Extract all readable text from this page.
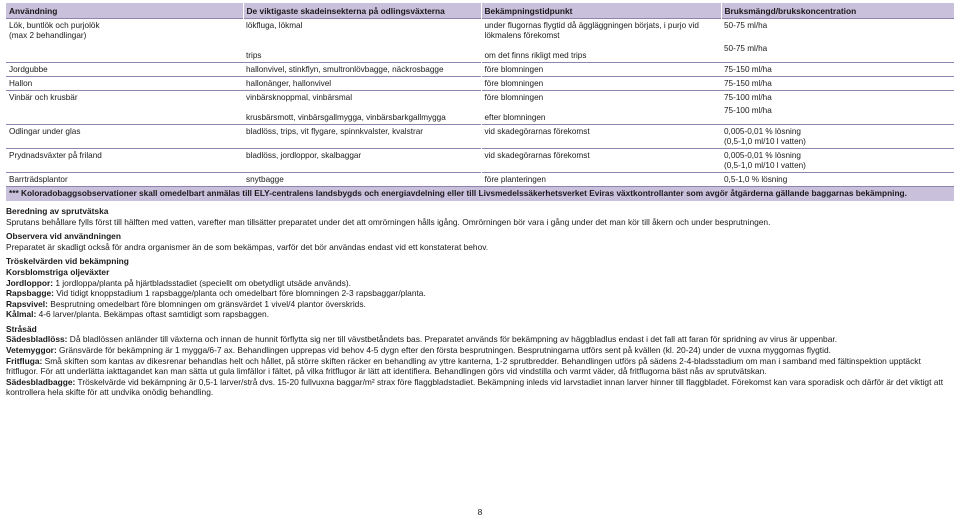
Användning	De viktigaste skadeinsekterna på odlingsväxterna	Bekämpningstidpunkt	Bruksmängd/brukskoncentration
Lök, buntlök och purjolök
(max 2 behandlingar)	lökfluga, lökmal	under flugornas flygtid då äggläggningen börjats, i purjo vid lökmalens förekomst	50-75 ml/ha
	trips	om det finns rikligt med trips	50-75 ml/ha
Jordgubbe	hallonvivel, stinkflyn, smultronlövbagge, näckrosbagge	före blomningen	75-150 ml/ha
Hallon	hallonänger, hallonvivel	före blomningen	75-150 ml/ha
Vinbär och krusbär	vinbärsknoppmal, vinbärsmal	före blomningen	75-100 ml/ha
	krusbärsmott, vinbärsgallmygga, vinbärsbarkgallmygga	efter blomningen	75-100 ml/ha
Odlingar under glas	bladlöss, trips, vit flygare, spinnkvalster, kvalstrar	vid skadegörarnas förekomst	0,005-0,01 % lösning
(0,5-1,0 ml/10 l vatten)
Prydnadsväxter på friland	bladlöss, jordloppor, skalbaggar	vid skadegörarnas förekomst	0,005-0,01 % lösning
(0,5-1,0 ml/10 l vatten)
Barrträdsplantor	snytbagge	före planteringen	0,5-1,0 % lösning
*** Koloradobaggsobservationer skall omedelbart anmälas till ELY-centralens landsbygds och energiavdelning eller till Livsmedelssäkerhetsverket Eviras växtkontrollanter som avgör åtgärderna gällande baggarnas bekämpning.

Beredning av sprutvätska

Sprutans behållare fylls först till hälften med vatten, varefter man tillsätter preparatet under det att omrörningen hålls igång. Omrörningen bör vara i gång under det man kör till åkern och under besprutningen.

Observera vid användningen

Preparatet är skadligt också för andra organismer än de som bekämpas, varför det bör användas endast vid ett konstaterat behov.

Tröskelvärden vid bekämpning

Korsblomstriga oljeväxter

Jordloppor: 1 jordloppa/planta på hjärtbladsstadiet (speciellt om obetydligt utsäde används).

Rapsbagge: Vid tidigt knoppstadium 1 rapsbagge/planta och omedelbart före blomningen 2-3 rapsbaggar/planta.

Rapsvivel: Besprutning omedelbart före blomningen om gränsvärdet 1 vivel/4 plantor överskrids.

Kålmal: 4-6 larver/planta. Bekämpas oftast samtidigt som rapsbaggen.

Stråsäd

Sädesbladlöss: Då bladlössen anländer till växterna och innan de hunnit förflytta sig ner till vävstbetåndets bas. Preparatet används för bekämpning av häggbladlus endast i det fall att faran för spridning av virus är uppenbar.

Vetemyggor: Gränsvärde för bekämpning är 1 mygga/6-7 ax. Behandlingen upprepas vid behov 4-5 dygn efter den första besprutningen. Besprutningarna utförs sent på kvällen (kl. 20-24) under de vuxna myggornas flygtid.

Fritfluga: Små skiften som kantas av dikesrenar behandlas helt och hållet, på större skiften räcker en behandling av yttre kanterna, 1-2 sprutbredder. Behandlingen utförs på sädens 2-4-bladsstadium om man i samband med fältinspektion upptäckt fritflugor. För att underlätta iakttagandet kan man sätta ut gula limfällor i fältet, på vilka fritflugor är lätt att identifiera. Behandlingen görs vid vindstilla och varmt väder, då fritflugorna bäst nås av sprutvätskan.

Sädesbladbagge: Tröskelvärde vid bekämpning är 0,5-1 larver/strå dvs. 15-20 fullvuxna baggar/m² strax före flaggbladstadiet. Bekämpning inleds vid larvstadiet innan larver hinner till flaggbladet. Förekomst kan vara sporadisk och därför är det viktigt att kontrollera hela skifte för att undvika onödig behandling.

8
